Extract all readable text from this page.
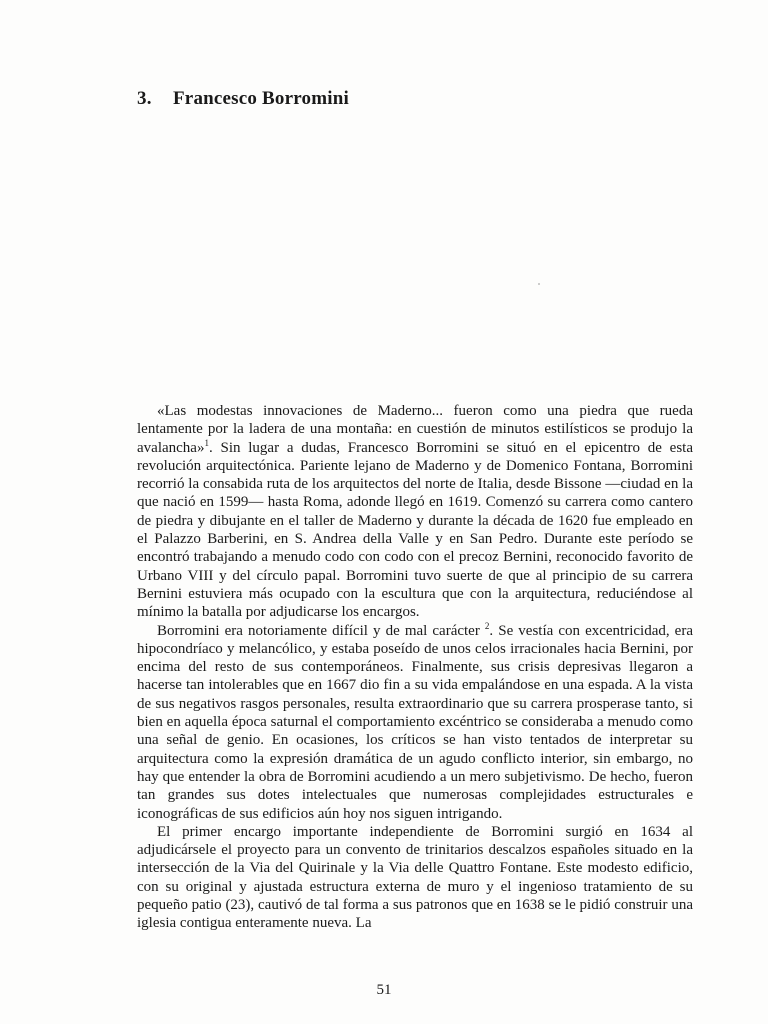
3. Francesco Borromini

«Las modestas innovaciones de Maderno... fueron como una piedra que rueda lentamente por la ladera de una montaña: en cuestión de minutos estilísticos se produjo la avalancha»$^1$. Sin lugar a dudas, Francesco Borromini se situó en el epicentro de esta revolución arquitectónica. Pariente lejano de Maderno y de Domenico Fontana, Borromini recorrió la consabida ruta de los arquitectos del norte de Italia, desde Bissone —ciudad en la que nació en 1599— hasta Roma, adonde llegó en 1619. Comenzó su carrera como cantero de piedra y dibujante en el taller de Maderno y durante la década de 1620 fue empleado en el Palazzo Barberini, en S. Andrea della Valle y en San Pedro. Durante este período se encontró trabajando a menudo codo con codo con el precoz Bernini, reconocido favorito de Urbano VIII y del círculo papal. Borromini tuvo suerte de que al principio de su carrera Bernini estuviera más ocupado con la escultura que con la arquitectura, reduciéndose al mínimo la batalla por adjudicarse los encargos.

Borromini era notoriamente difícil y de mal carácter $^2$. Se vestía con excentricidad, era hipocondríaco y melancólico, y estaba poseído de unos celos irracionales hacia Bernini, por encima del resto de sus contemporáneos. Finalmente, sus crisis depresivas llegaron a hacerse tan intolerables que en 1667 dio fin a su vida empalándose en una espada. A la vista de sus negativos rasgos personales, resulta extraordinario que su carrera prosperase tanto, si bien en aquella época saturnal el comportamiento excéntrico se consideraba a menudo como una señal de genio. En ocasiones, los críticos se han visto tentados de interpretar su arquitectura como la expresión dramática de un agudo conflicto interior, sin embargo, no hay que entender la obra de Borromini acudiendo a un mero subjetivismo. De hecho, fueron tan grandes sus dotes intelectuales que numerosas complejidades estructurales e iconográficas de sus edificios aún hoy nos siguen intrigando.

El primer encargo importante independiente de Borromini surgió en 1634 al adjudicársele el proyecto para un convento de trinitarios descalzos españoles situado en la intersección de la Via del Quirinale y la Via delle Quattro Fontane. Este modesto edificio, con su original y ajustada estructura externa de muro y el ingenioso tratamiento de su pequeño patio (23), cautivó de tal forma a sus patronos que en 1638 se le pidió construir una iglesia contigua enteramente nueva. La

51
